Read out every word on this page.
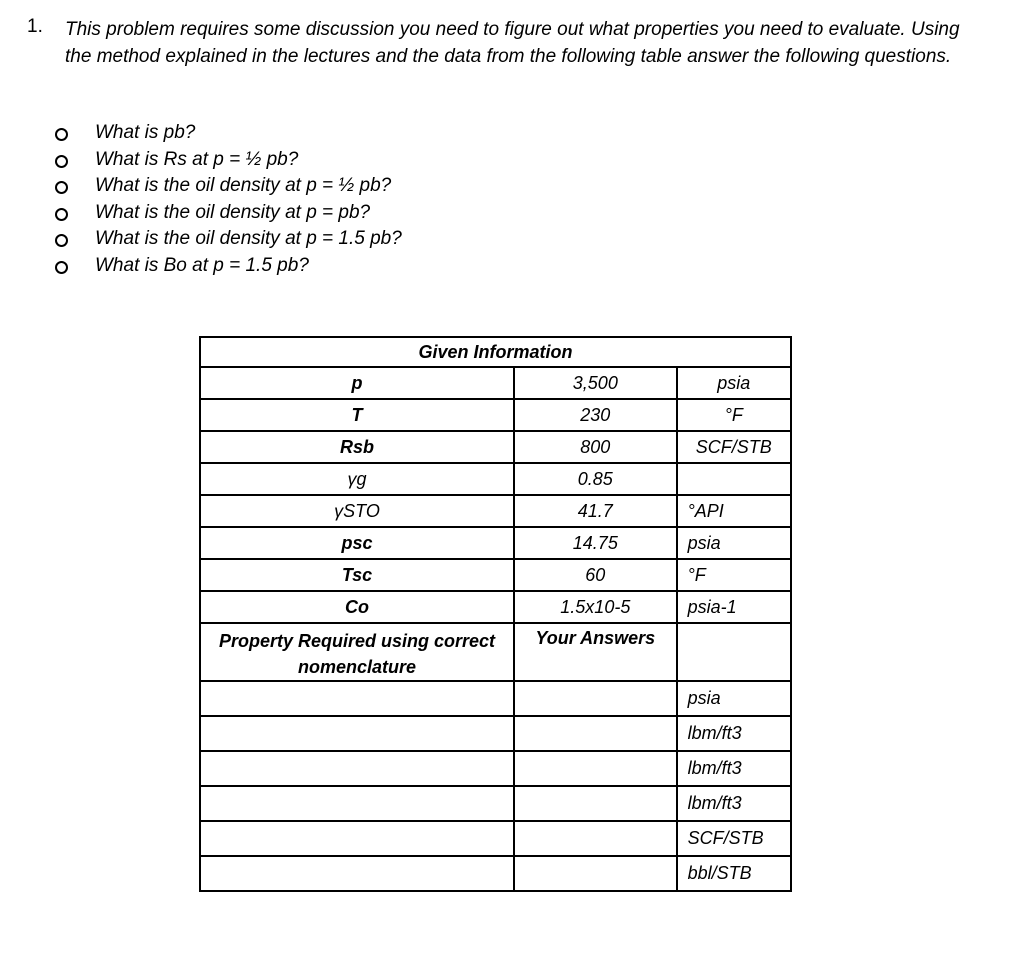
1. This problem requires some discussion you need to figure out what properties you need to evaluate. Using the method explained in the lectures and the data from the following table answer the following questions.
What is pb?
What is Rs at p = ½ pb?
What is the oil density at p = ½ pb?
What is the oil density at p = pb?
What is the oil density at p = 1.5 pb?
What is Bo at p = 1.5 pb?
Given Information		
p	3,500	psia
T	230	°F
Rsb	800	SCF/STB
γg	0.85	
γSTO	41.7	°API
psc	14.75	psia
Tsc	60	°F
Co	1.5x10-5	psia-1
Property Required using correct nomenclature	Your Answers	
		psia
		lbm/ft3
		lbm/ft3
		lbm/ft3
		SCF/STB
		bbl/STB
